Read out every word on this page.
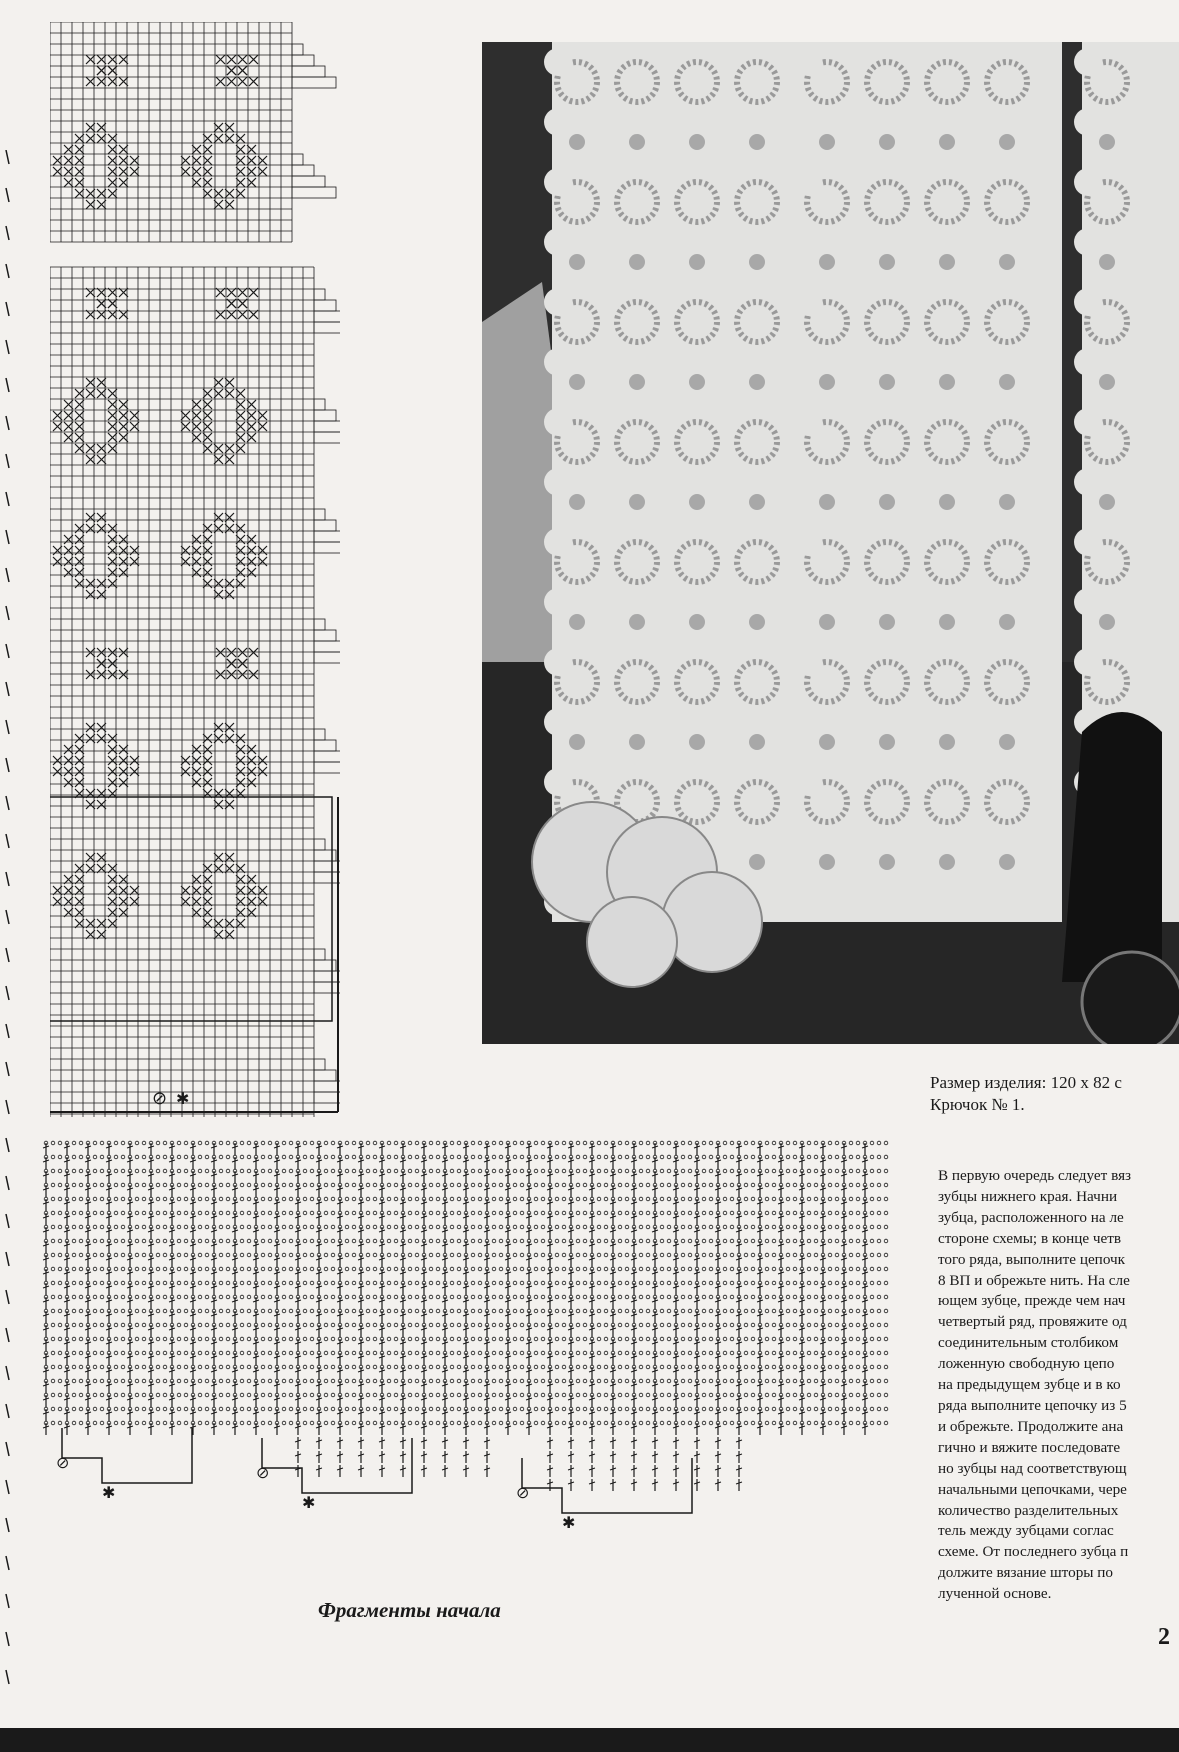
⊘ ✱
Размер изделия: 120 х 82 с
Крючок № 1.
В первую очередь следует вяз
зубцы нижнего края. Начни
зубца, расположенного на ле
стороне схемы; в конце четв
того ряда, выполните цепочк
8 ВП и обрежьте нить. На сле
ющем зубце, прежде чем нач
четвертый ряд, провяжите од
соединительным столбиком
ложенную свободную цепо
на предыдущем зубце и в ко
ряда выполните цепочку из 5
и обрежьте. Продолжите ана
гично и вяжите последовате
но зубцы над соответствующ
начальными цепочками, чере
количество разделительных
тель между зубцами соглас
схеме. От последнего зубца п
должите вязание шторы по
лученной основе.
⊘
✱
⊘
✱
⊘
✱
Фрагменты начала
2
